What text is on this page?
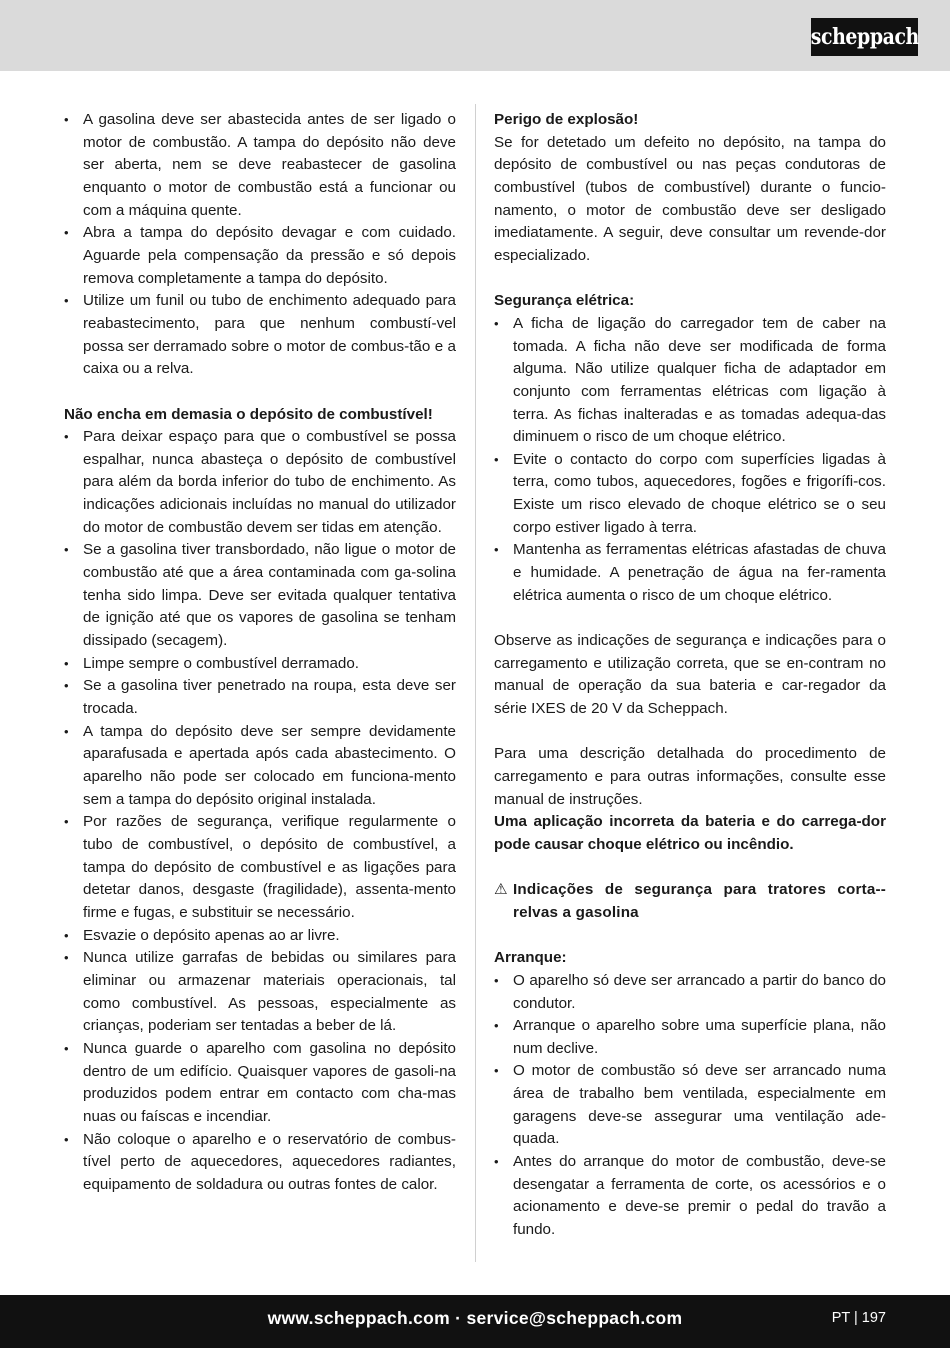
scheppach
• A gasolina deve ser abastecida antes de ser ligado o motor de combustão. A tampa do depósito não deve ser aberta, nem se deve reabastecer de gasolina enquanto o motor de combustão está a funcionar ou com a máquina quente.
• Abra a tampa do depósito devagar e com cuidado. Aguarde pela compensação da pressão e só depois remova completamente a tampa do depósito.
• Utilize um funil ou tubo de enchimento adequado para reabastecimento, para que nenhum combustí-vel possa ser derramado sobre o motor de combus-tão e a caixa ou a relva.

Não encha em demasia o depósito de combustível!

• Para deixar espaço para que o combustível se possa espalhar, nunca abasteça o depósito de combustível para além da borda inferior do tubo de enchimento. As indicações adicionais incluídas no manual do utilizador do motor de combustão devem ser tidas em atenção.
• Se a gasolina tiver transbordado, não ligue o motor de combustão até que a área contaminada com ga-solina tenha sido limpa. Deve ser evitada qualquer tentativa de ignição até que os vapores de gasolina se tenham dissipado (secagem).
• Limpe sempre o combustível derramado.
• Se a gasolina tiver penetrado na roupa, esta deve ser trocada.
• A tampa do depósito deve ser sempre devidamente aparafusada e apertada após cada abastecimento. O aparelho não pode ser colocado em funciona-mento sem a tampa do depósito original instalada.
• Por razões de segurança, verifique regularmente o tubo de combustível, o depósito de combustível, a tampa do depósito de combustível e as ligações para detetar danos, desgaste (fragilidade), assenta-mento firme e fugas, e substituir se necessário.
• Esvazie o depósito apenas ao ar livre.
• Nunca utilize garrafas de bebidas ou similares para eliminar ou armazenar materiais operacionais, tal como combustível. As pessoas, especialmente as crianças, poderiam ser tentadas a beber de lá.
• Nunca guarde o aparelho com gasolina no depósito dentro de um edifício. Quaisquer vapores de gasoli-na produzidos podem entrar em contacto com cha-mas nuas ou faíscas e incendiar.
• Não coloque o aparelho e o reservatório de combus-tível perto de aquecedores, aquecedores radiantes, equipamento de soldadura ou outras fontes de calor.

Perigo de explosão!

Se for detetado um defeito no depósito, na tampa do depósito de combustível ou nas peças condutoras de combustível (tubos de combustível) durante o funcio-namento, o motor de combustão deve ser desligado imediatamente. A seguir, deve consultar um revende-dor especializado.

Segurança elétrica:

• A ficha de ligação do carregador tem de caber na tomada. A ficha não deve ser modificada de forma alguma. Não utilize qualquer ficha de adaptador em conjunto com ferramentas elétricas com ligação à terra. As fichas inalteradas e as tomadas adequa-das diminuem o risco de um choque elétrico.
• Evite o contacto do corpo com superfícies ligadas à terra, como tubos, aquecedores, fogões e frigorífi-cos. Existe um risco elevado de choque elétrico se o seu corpo estiver ligado à terra.
• Mantenha as ferramentas elétricas afastadas de chuva e humidade. A penetração de água na fer-ramenta elétrica aumenta o risco de um choque elétrico.

Observe as indicações de segurança e indicações para o carregamento e utilização correta, que se en-contram no manual de operação da sua bateria e car-regador da série IXES de 20 V da Scheppach.

Para uma descrição detalhada do procedimento de carregamento e para outras informações, consulte esse manual de instruções.

Uma aplicação incorreta da bateria e do carrega-dor pode causar choque elétrico ou incêndio.

⚠ Indicações de segurança para tratores corta--relvas a gasolina

Arranque:

• O aparelho só deve ser arrancado a partir do banco do condutor.
• Arranque o aparelho sobre uma superfície plana, não num declive.
• O motor de combustão só deve ser arrancado numa área de trabalho bem ventilada, especialmente em garagens deve-se assegurar uma ventilação ade-quada.
• Antes do arranque do motor de combustão, deve-se desengatar a ferramenta de corte, os acessórios e o acionamento e deve-se premir o pedal do travão a fundo.
www.scheppach.com · service@scheppach.com	PT | 197
